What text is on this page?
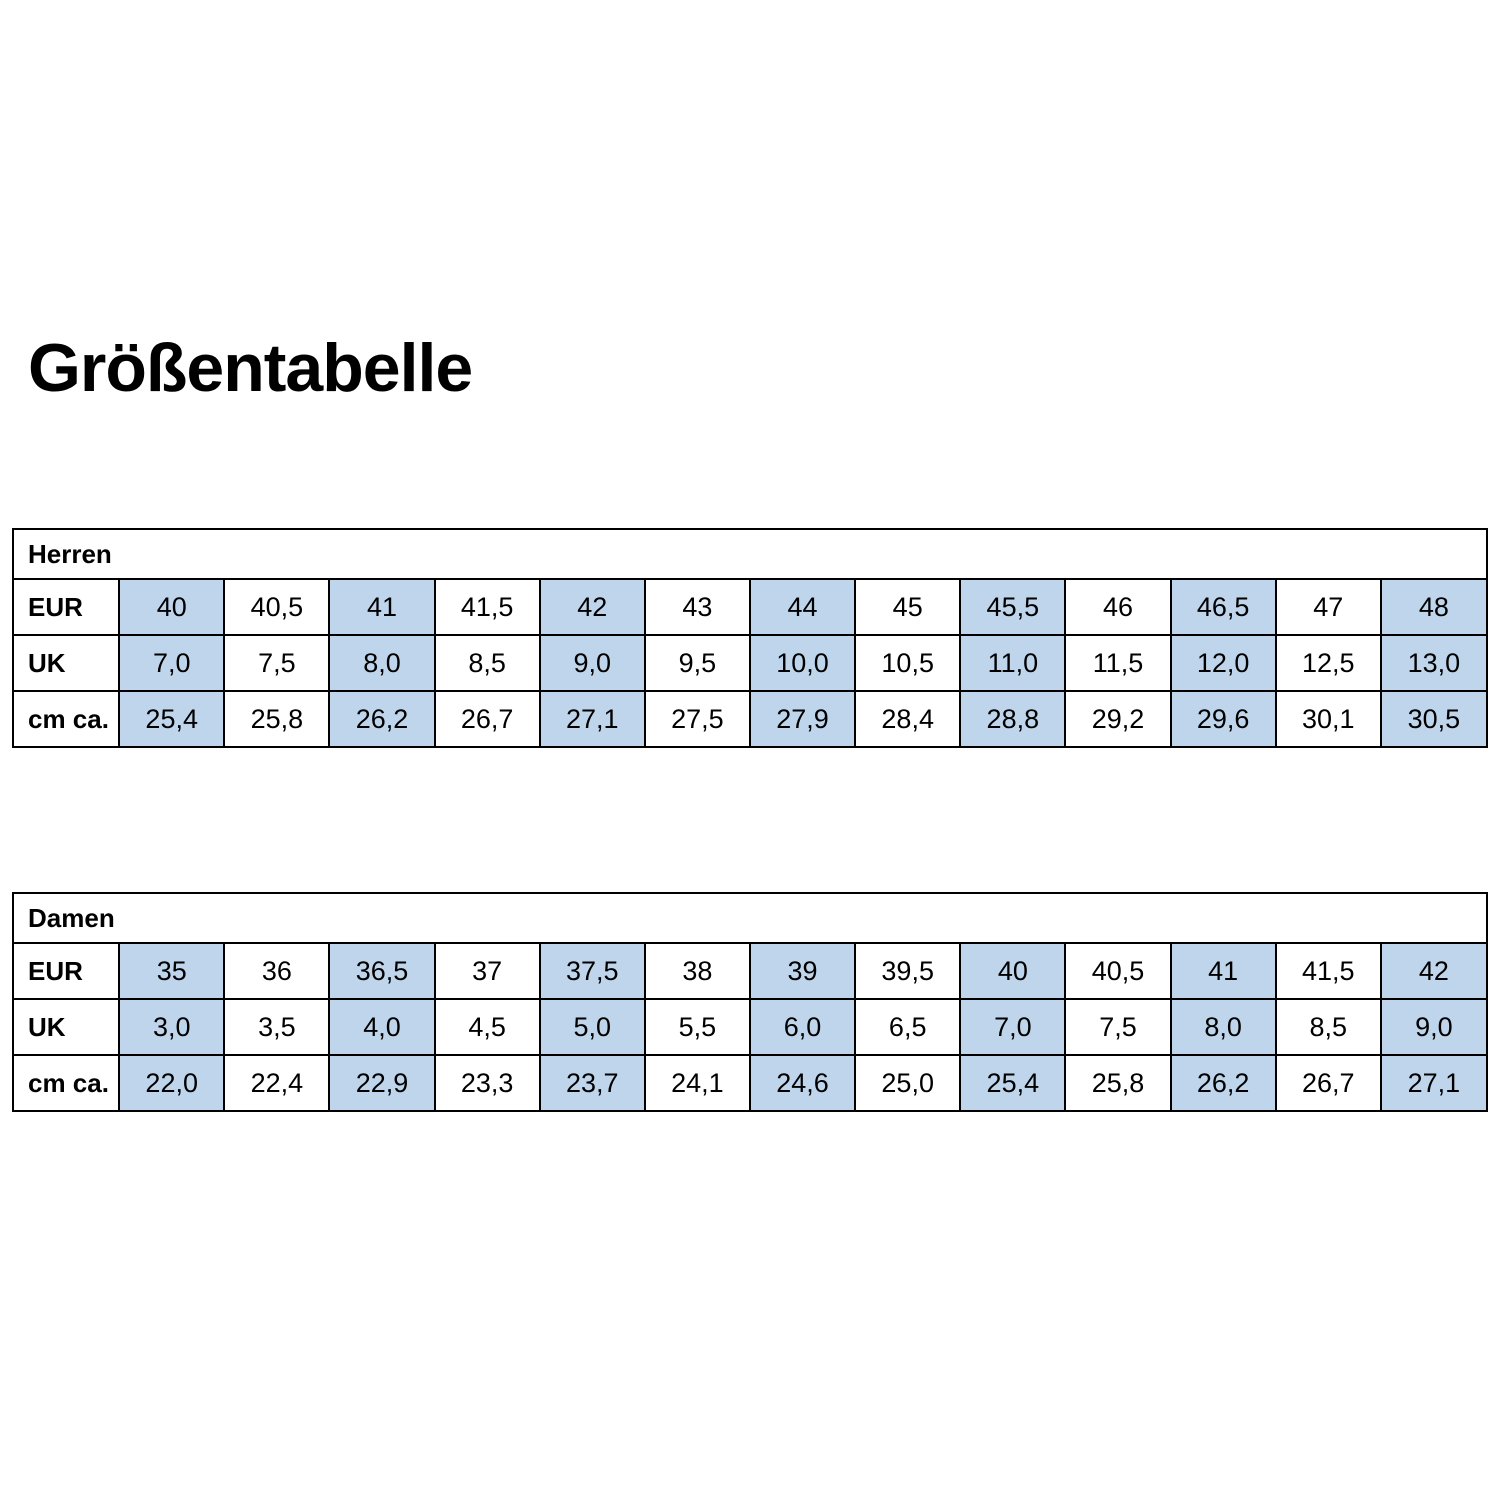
Größentabelle
Herren													
EUR	40	40,5	41	41,5	42	43	44	45	45,5	46	46,5	47	48
UK	7,0	7,5	8,0	8,5	9,0	9,5	10,0	10,5	11,0	11,5	12,0	12,5	13,0
cm ca.	25,4	25,8	26,2	26,7	27,1	27,5	27,9	28,4	28,8	29,2	29,6	30,1	30,5
Damen													
EUR	35	36	36,5	37	37,5	38	39	39,5	40	40,5	41	41,5	42
UK	3,0	3,5	4,0	4,5	5,0	5,5	6,0	6,5	7,0	7,5	8,0	8,5	9,0
cm ca.	22,0	22,4	22,9	23,3	23,7	24,1	24,6	25,0	25,4	25,8	26,2	26,7	27,1
